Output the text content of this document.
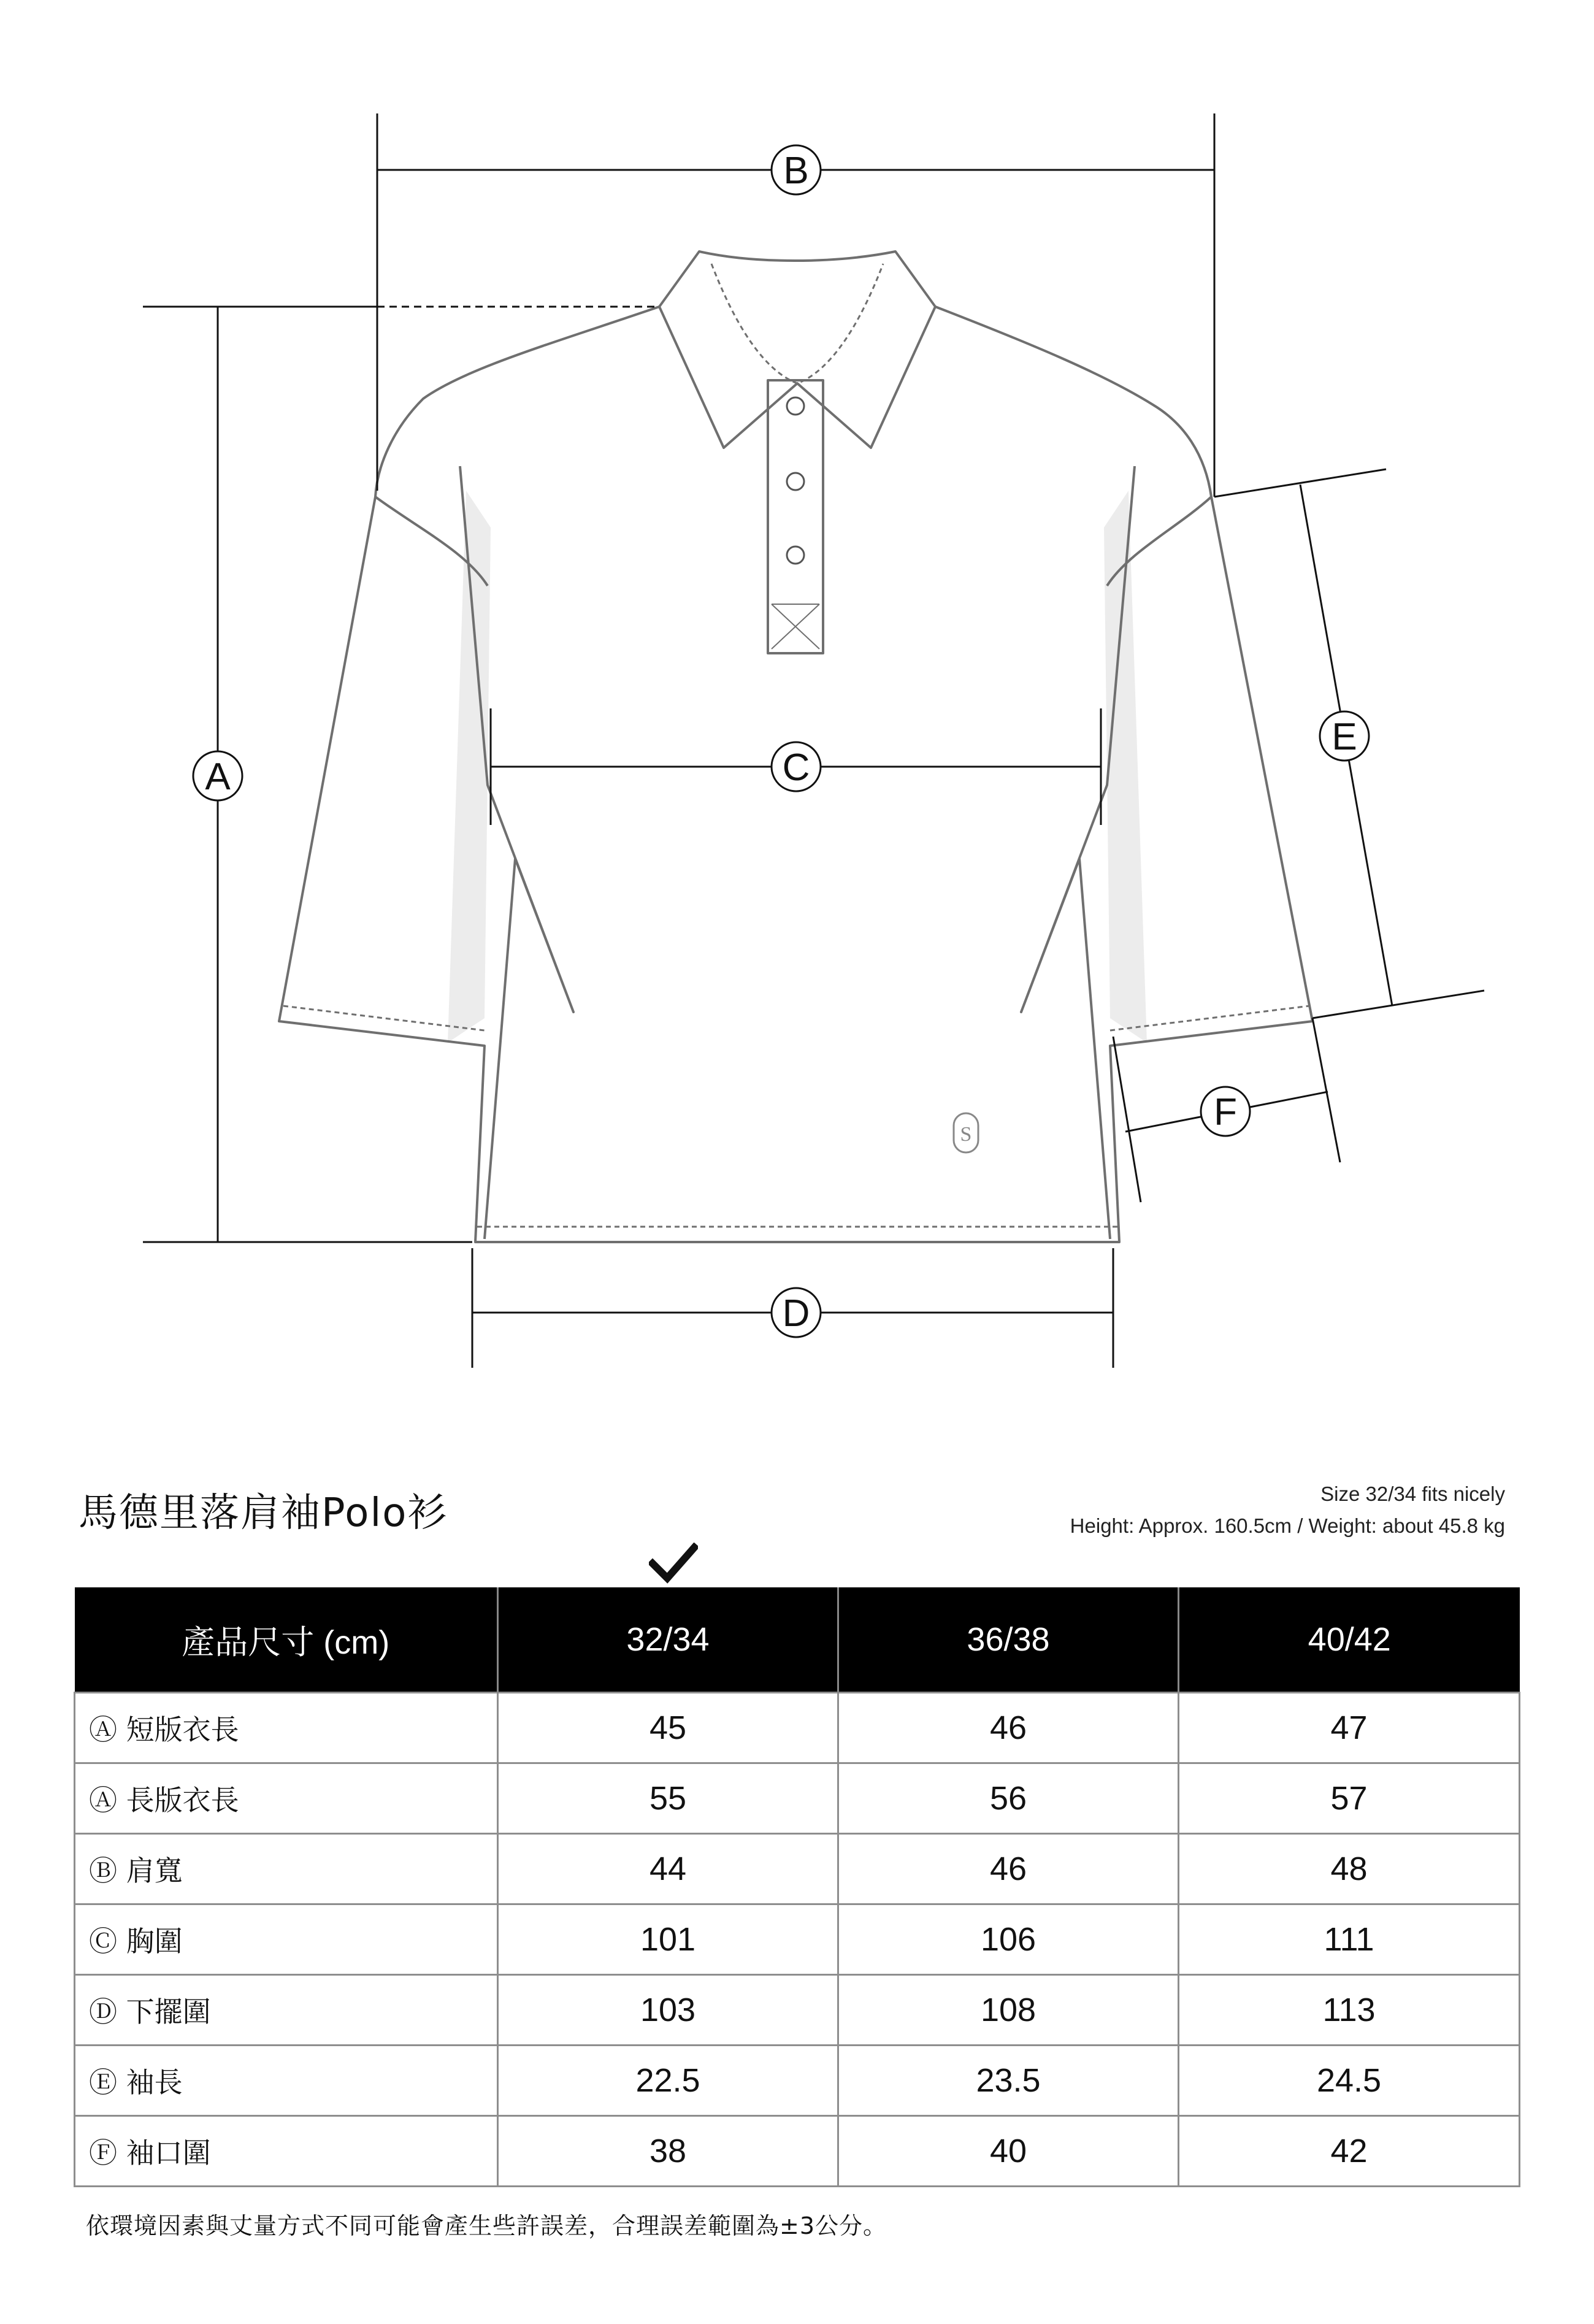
S
A
B
C
D
E
F
馬德里落肩袖Polo衫	Size 32/34 fits nicely
Height: Approx. 160.5cm / Weight: about 45.8 kg
產品尺寸 (cm)	32/34	36/38	40/42
Ⓐ 短版衣長	45	46	47
Ⓐ 長版衣長	55	56	57
Ⓑ 肩寬	44	46	48
Ⓒ 胸圍	101	106	111
Ⓓ 下擺圍	103	108	113
Ⓔ 袖長	22.5	23.5	24.5
Ⓕ 袖口圍	38	40	42
依環境因素與丈量方式不同可能會產生些許誤差，合理誤差範圍為±3公分。
